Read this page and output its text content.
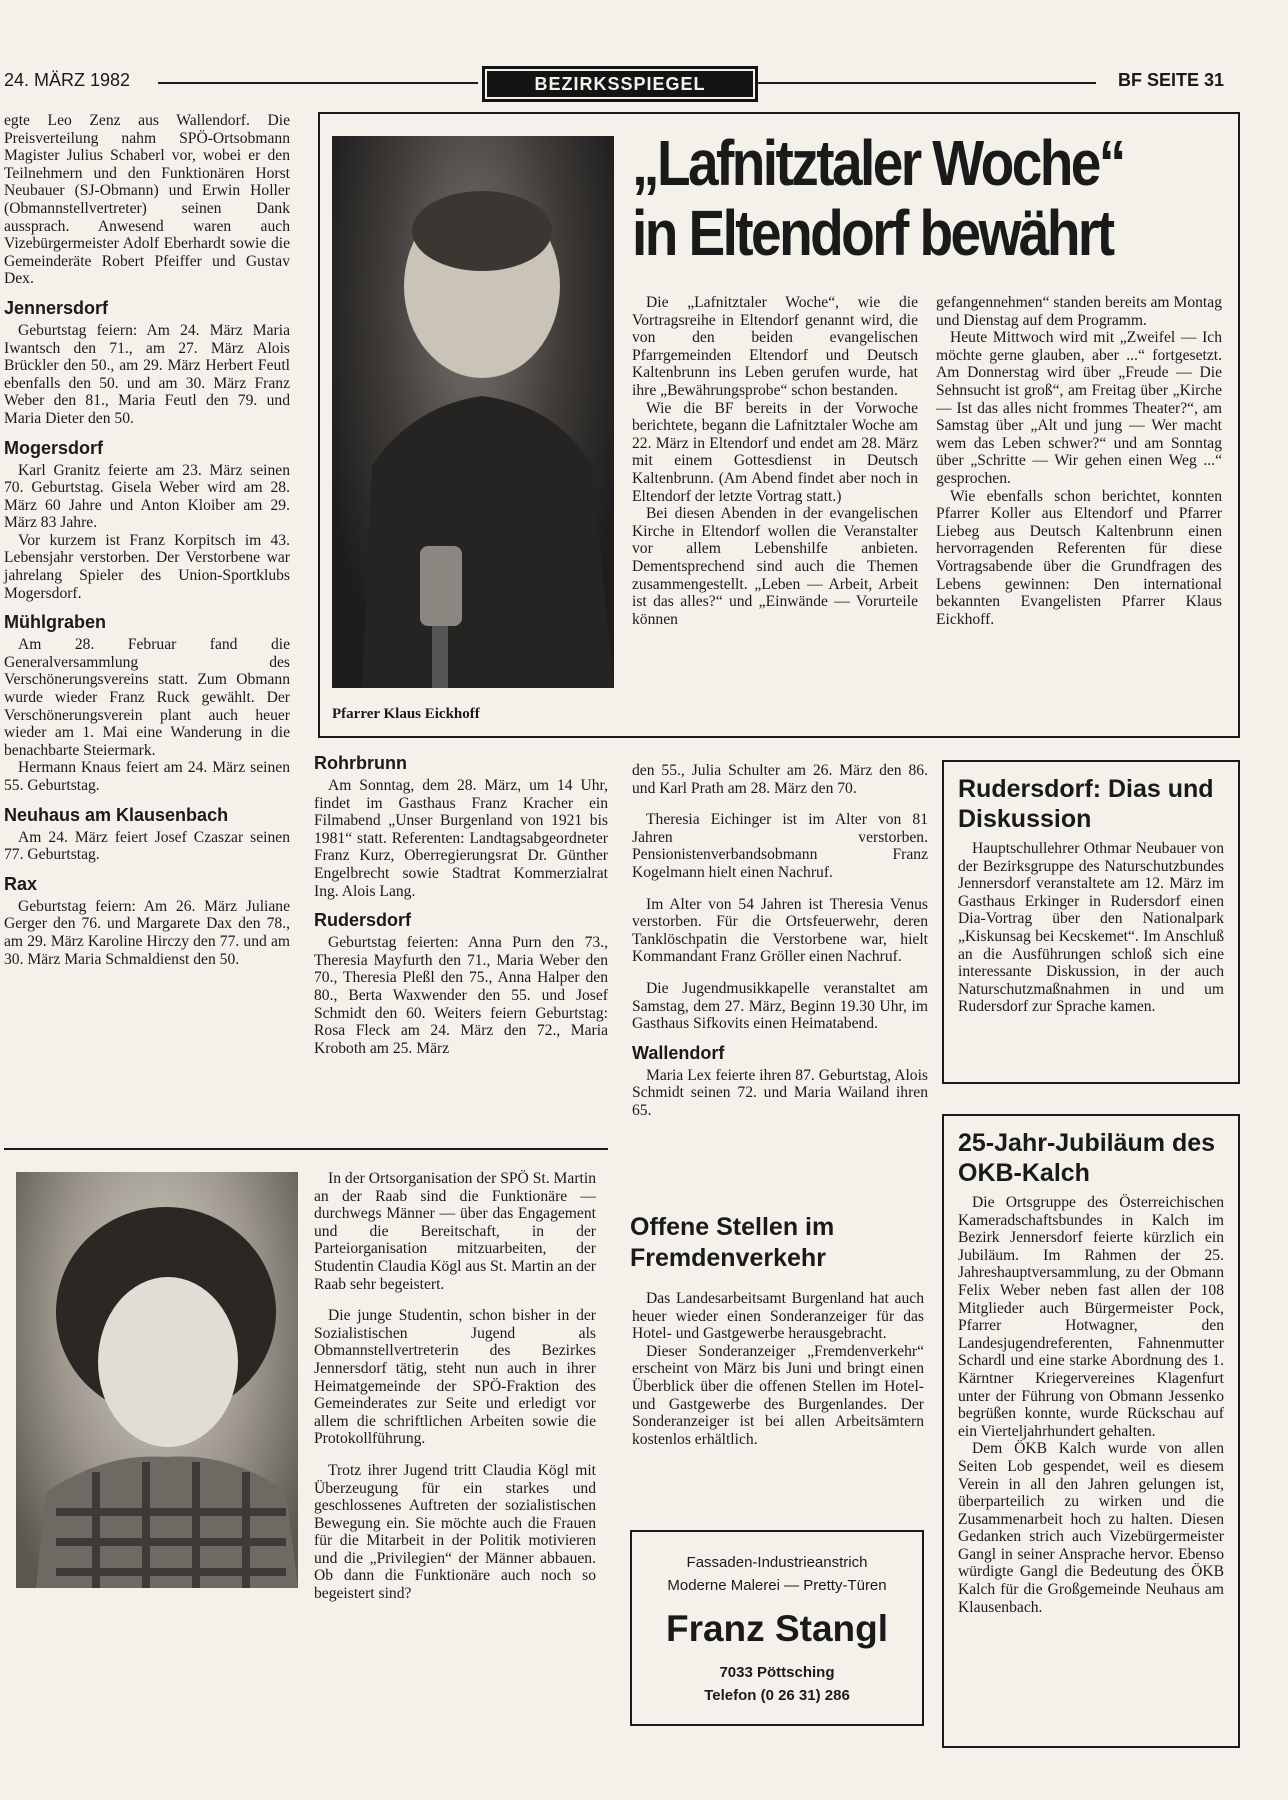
24. MÄRZ 1982	BEZIRKSSPIEGEL	BF SEITE 31

egte Leo Zenz aus Wallendorf. Die Preisverteilung nahm SPÖ-Ortsobmann Magister Julius Schaberl vor, wobei er den Teilnehmern und den Funktionären Horst Neubauer (SJ-Obmann) und Erwin Holler (Obmannstellvertreter) seinen Dank aussprach. Anwesend waren auch Vizebürgermeister Adolf Eberhardt sowie die Gemeinderäte Robert Pfeiffer und Gustav Dex.

Jennersdorf

Geburtstag feiern: Am 24. März Maria Iwantsch den 71., am 27. März Alois Brückler den 50., am 29. März Herbert Feutl ebenfalls den 50. und am 30. März Franz Weber den 81., Maria Feutl den 79. und Maria Dieter den 50.

Mogersdorf

Karl Granitz feierte am 23. März seinen 70. Geburtstag. Gisela Weber wird am 28. März 60 Jahre und Anton Kloiber am 29. März 83 Jahre.

Vor kurzem ist Franz Korpitsch im 43. Lebensjahr verstorben. Der Verstorbene war jahrelang Spieler des Union-Sportklubs Mogersdorf.

Mühlgraben

Am 28. Februar fand die Generalversammlung des Verschönerungsvereins statt. Zum Obmann wurde wieder Franz Ruck gewählt. Der Verschönerungsverein plant auch heuer wieder am 1. Mai eine Wanderung in die benachbarte Steiermark.

Hermann Knaus feiert am 24. März seinen 55. Geburtstag.

Neuhaus am Klausenbach

Am 24. März feiert Josef Czaszar seinen 77. Geburtstag.

Rax

Geburtstag feiern: Am 26. März Juliane Gerger den 76. und Margarete Dax den 78., am 29. März Karoline Hirczy den 77. und am 30. März Maria Schmaldienst den 50.

Pfarrer Klaus Eickhoff
„Lafnitztaler Woche“
in Eltendorf bewährt

Die „Lafnitztaler Woche“, wie die Vortragsreihe in Eltendorf genannt wird, die von den beiden evangelischen Pfarrgemeinden Eltendorf und Deutsch Kaltenbrunn ins Leben gerufen wurde, hat ihre „Bewährungsprobe“ schon bestanden.

Wie die BF bereits in der Vorwoche berichtete, begann die Lafnitztaler Woche am 22. März in Eltendorf und endet am 28. März mit einem Gottesdienst in Deutsch Kaltenbrunn. (Am Abend findet aber noch in Eltendorf der letzte Vortrag statt.)

Bei diesen Abenden in der evangelischen Kirche in Eltendorf wollen die Veranstalter vor allem Lebenshilfe anbieten. Dementsprechend sind auch die Themen zusammengestellt. „Leben — Arbeit, Arbeit ist das alles?“ und „Einwände — Vorurteile können

gefangennehmen“ standen bereits am Montag und Dienstag auf dem Programm.

Heute Mittwoch wird mit „Zweifel — Ich möchte gerne glauben, aber ...“ fortgesetzt. Am Donnerstag wird über „Freude — Die Sehnsucht ist groß“, am Freitag über „Kirche — Ist das alles nicht frommes Theater?“, am Samstag über „Alt und jung — Wer macht wem das Leben schwer?“ und am Sonntag über „Schritte — Wir gehen einen Weg ...“ gesprochen.

Wie ebenfalls schon berichtet, konnten Pfarrer Koller aus Eltendorf und Pfarrer Liebeg aus Deutsch Kaltenbrunn einen hervorragenden Referenten für diese Vortragsabende über die Grundfragen des Lebens gewinnen: Den international bekannten Evangelisten Pfarrer Klaus Eickhoff.

Rohrbrunn

Am Sonntag, dem 28. März, um 14 Uhr, findet im Gasthaus Franz Kracher ein Filmabend „Unser Burgenland von 1921 bis 1981“ statt. Referenten: Landtagsabgeordneter Franz Kurz, Oberregierungsrat Dr. Günther Engelbrecht sowie Stadtrat Kommerzialrat Ing. Alois Lang.

Rudersdorf

Geburtstag feierten: Anna Purn den 73., Theresia Mayfurth den 71., Maria Weber den 70., Theresia Pleßl den 75., Anna Halper den 80., Berta Waxwender den 55. und Josef Schmidt den 60. Weiters feiern Geburtstag: Rosa Fleck am 24. März den 72., Maria Kroboth am 25. März

den 55., Julia Schulter am 26. März den 86. und Karl Prath am 28. März den 70.

Theresia Eichinger ist im Alter von 81 Jahren verstorben. Pensionistenverbandsobmann Franz Kogelmann hielt einen Nachruf.

Im Alter von 54 Jahren ist Theresia Venus verstorben. Für die Ortsfeuerwehr, deren Tanklöschpatin die Verstorbene war, hielt Kommandant Franz Gröller einen Nachruf.

Die Jugendmusikkapelle veranstaltet am Samstag, dem 27. März, Beginn 19.30 Uhr, im Gasthaus Sifkovits einen Heimatabend.

Wallendorf

Maria Lex feierte ihren 87. Geburtstag, Alois Schmidt seinen 72. und Maria Wailand ihren 65.

In der Ortsorganisation der SPÖ St. Martin an der Raab sind die Funktionäre — durchwegs Männer — über das Engagement und die Bereitschaft, in der Parteiorganisation mitzuarbeiten, der Studentin Claudia Kögl aus St. Martin an der Raab sehr begeistert.

Die junge Studentin, schon bisher in der Sozialistischen Jugend als Obmannstellvertreterin des Bezirkes Jennersdorf tätig, steht nun auch in ihrer Heimatgemeinde der SPÖ-Fraktion des Gemeinderates zur Seite und erledigt vor allem die schriftlichen Arbeiten sowie die Protokollführung.

Trotz ihrer Jugend tritt Claudia Kögl mit Überzeugung für ein starkes und geschlossenes Auftreten der sozialistischen Bewegung ein. Sie möchte auch die Frauen für die Mitarbeit in der Politik motivieren und die „Privilegien“ der Männer abbauen. Ob dann die Funktionäre auch noch so begeistert sind?

Offene Stellen im Fremdenverkehr

Das Landesarbeitsamt Burgenland hat auch heuer wieder einen Sonderanzeiger für das Hotel- und Gastgewerbe herausgebracht.

Dieser Sonderanzeiger „Fremdenverkehr“ erscheint von März bis Juni und bringt einen Überblick über die offenen Stellen im Hotel- und Gastgewerbe des Burgenlandes. Der Sonderanzeiger ist bei allen Arbeitsämtern kostenlos erhältlich.

Fassaden-Industrieanstrich
Moderne Malerei — Pretty-Türen
Franz Stangl
7033 Pöttsching
Telefon (0 26 31) 286
Rudersdorf: Dias und Diskussion

Hauptschullehrer Othmar Neubauer von der Bezirksgruppe des Naturschutzbundes Jennersdorf veranstaltete am 12. März im Gasthaus Erkinger in Rudersdorf einen Dia-Vortrag über den Nationalpark „Kiskunsag bei Kecskemet“. Im Anschluß an die Ausführungen schloß sich eine interessante Diskussion, in der auch Naturschutzmaßnahmen in und um Rudersdorf zur Sprache kamen.

25-Jahr-Jubiläum des OKB-Kalch

Die Ortsgruppe des Österreichischen Kameradschaftsbundes in Kalch im Bezirk Jennersdorf feierte kürzlich ein Jubiläum. Im Rahmen der 25. Jahreshauptversammlung, zu der Obmann Felix Weber neben fast allen der 108 Mitglieder auch Bürgermeister Pock, Pfarrer Hotwagner, den Landesjugendreferenten, Fahnenmutter Schardl und eine starke Abordnung des 1. Kärntner Kriegervereines Klagenfurt unter der Führung von Obmann Jessenko begrüßen konnte, wurde Rückschau auf ein Vierteljahrhundert gehalten.

Dem ÖKB Kalch wurde von allen Seiten Lob gespendet, weil es diesem Verein in all den Jahren gelungen ist, überparteilich zu wirken und die Zusammenarbeit hoch zu halten. Diesen Gedanken strich auch Vizebürgermeister Gangl in seiner Ansprache hervor. Ebenso würdigte Gangl die Bedeutung des ÖKB Kalch für die Großgemeinde Neuhaus am Klausenbach.
